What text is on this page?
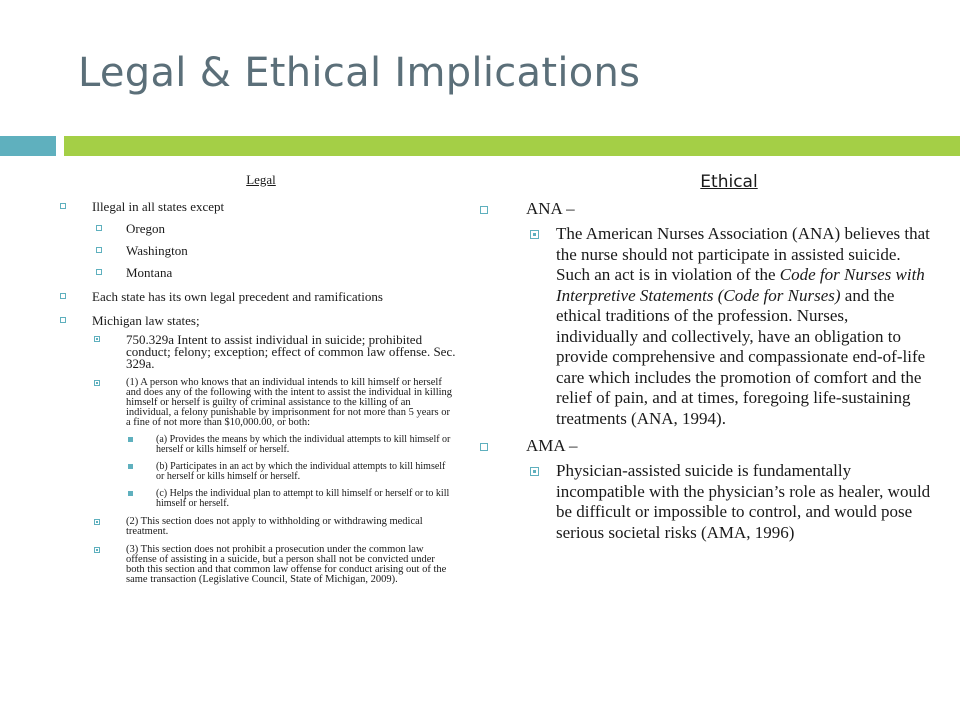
Legal & Ethical Implications
Legal
Illegal in all states except
Oregon
Washington
Montana
Each state has its own legal precedent and ramifications
Michigan law states;
750.329a Intent to assist individual in suicide; prohibited conduct; felony; exception; effect of common law offense. Sec. 329a.
(1) A person who knows that an individual intends to kill himself or herself and does any of the following with the intent to assist the individual in killing himself or herself is guilty of criminal assistance to the killing of an individual, a felony punishable by imprisonment for not more than 5 years or a fine of not more than $10,000.00, or both:
(a) Provides the means by which the individual attempts to kill himself or herself or kills himself or herself.
(b) Participates in an act by which the individual attempts to kill himself or herself or kills himself or herself.
(c) Helps the individual plan to attempt to kill himself or herself or to kill himself or herself.
(2) This section does not apply to withholding or withdrawing medical treatment.
(3) This section does not prohibit a prosecution under the common law offense of assisting in a suicide, but a person shall not be convicted under both this section and that common law offense for conduct arising out of the same transaction (Legislative Council, State of Michigan, 2009).
Ethical
ANA –
The American Nurses Association (ANA) believes that the nurse should not participate in assisted suicide. Such an act is in violation of the Code for Nurses with Interpretive Statements (Code for Nurses) and the ethical traditions of the profession. Nurses, individually and collectively, have an obligation to provide comprehensive and compassionate end-of-life care which includes the promotion of comfort and the relief of pain, and at times, foregoing life-sustaining treatments (ANA, 1994).
AMA –
Physician-assisted suicide is fundamentally incompatible with the physician’s role as healer, would be difficult or impossible to control, and would pose serious societal risks (AMA, 1996)
